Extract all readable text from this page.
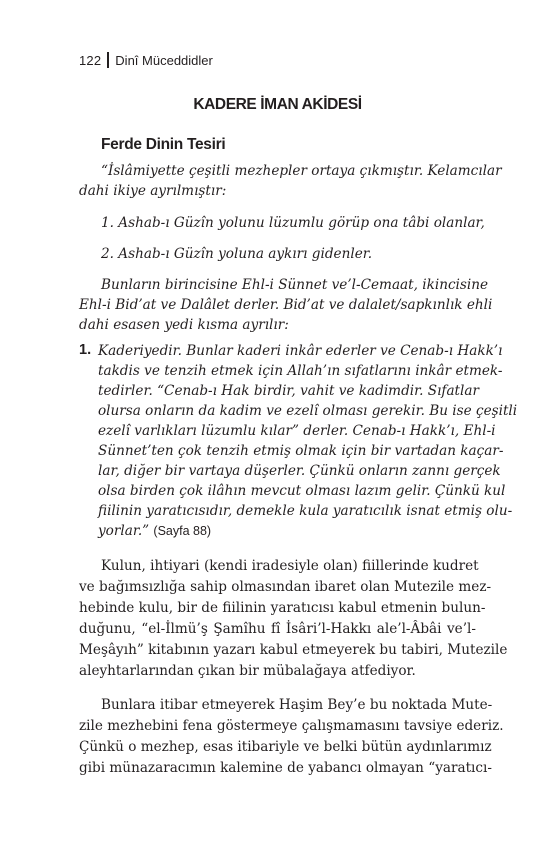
122 Dinî Müceddidler
KADERE İMAN AKİDESİ
Ferde Dinin Tesiri
“İslâmiyette çeşitli mezhepler ortaya çıkmıştır. Kelamcılar
dahi ikiye ayrılmıştır:
1. Ashab-ı Güzîn yolunu lüzumlu görüp ona tâbi olanlar,
2. Ashab-ı Güzîn yoluna aykırı gidenler.
Bunların birincisine Ehl-i Sünnet ve’l-Cemaat, ikincisine
Ehl-i Bid’at ve Dalâlet derler. Bid’at ve dalalet/sapkınlık ehli
dahi esasen yedi kısma ayrılır:
1. Kaderiyedir. Bunlar kaderi inkâr ederler ve Cenab-ı Hakk’ı
takdis ve tenzih etmek için Allah’ın sıfatlarını inkâr etmek-
tedirler. “Cenab-ı Hak birdir, vahit ve kadimdir. Sıfatlar
olursa onların da kadim ve ezelî olması gerekir. Bu ise çeşitli
ezelî varlıkları lüzumlu kılar” derler. Cenab-ı Hakk’ı, Ehl-i
Sünnet’ten çok tenzih etmiş olmak için bir vartadan kaçar-
lar, diğer bir vartaya düşerler. Çünkü onların zannı gerçek
olsa birden çok ilâhın mevcut olması lazım gelir. Çünkü kul
fiilinin yaratıcısıdır, demekle kula yaratıcılık isnat etmiş olu-
yorlar.” (Sayfa 88)
Kulun, ihtiyari (kendi iradesiyle olan) fiillerinde kudret
ve bağımsızlığa sahip olmasından ibaret olan Mutezile mez-
hebinde kulu, bir de fiilinin yaratıcısı kabul etmenin bulun-
duğunu, “el-İlmü’ş Şamîhu fî İsâri’l-Hakkı ale’l-Âbâi ve’l-
Meşâyıh” kitabının yazarı kabul etmeyerek bu tabiri, Mutezile
aleyhtarlarından çıkan bir mübalağaya atfediyor.
Bunlara itibar etmeyerek Haşim Bey’e bu noktada Mute-
zile mezhebini fena göstermeye çalışmamasını tavsiye ederiz.
Çünkü o mezhep, esas itibariyle ve belki bütün aydınlarımız
gibi münazaracımın kalemine de yabancı olmayan “yaratıcı-
